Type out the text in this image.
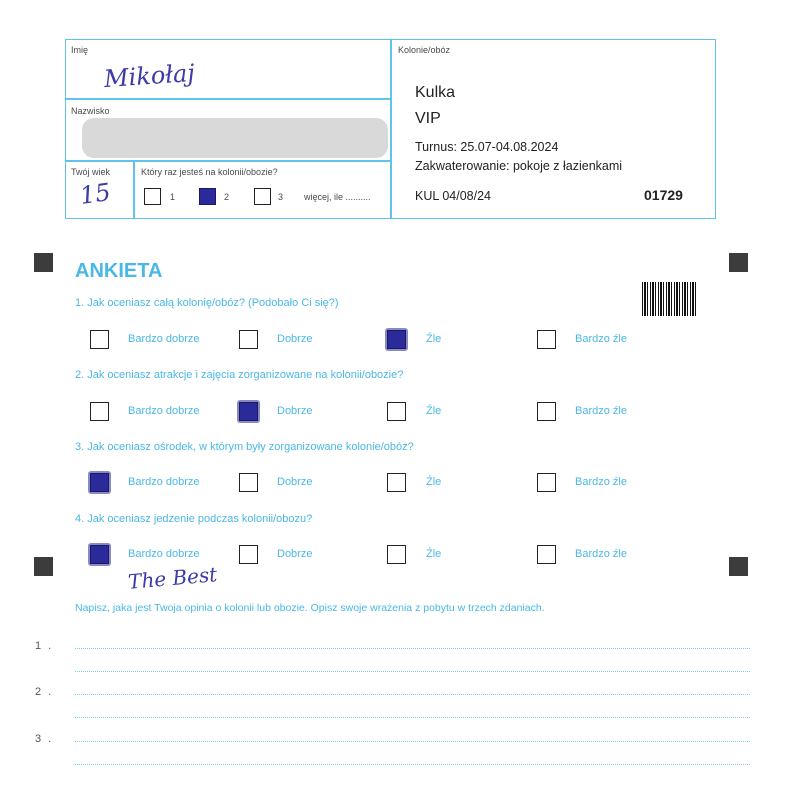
Imię
Mikołaj
Nazwisko
Twój wiek
15
Który raz jesteś na kolonii/obozie?
1	2	3 więcej, ile ..........
Kolonie/obóz
Kulka
VIP
Turnus: 25.07-04.08.2024
Zakwaterowanie: pokoje z łazienkami
KUL 04/08/24	01729
ANKIETA
1. Jak oceniasz całą kolonię/obóz? (Podobało Ci się?)
Bardzo dobrze	Dobrze	Źle	Bardzo źle
2. Jak oceniasz atrakcje i zajęcia zorganizowane na kolonii/obozie?
Bardzo dobrze	Dobrze	Źle	Bardzo źle
3. Jak oceniasz ośrodek, w którym były zorganizowane kolonie/obóz?
Bardzo dobrze	Dobrze	Źle	Bardzo źle
4. Jak oceniasz jedzenie podczas kolonii/obozu?
Bardzo dobrze	Dobrze	Źle	Bardzo źle
The Best
Napisz, jaka jest Twoja opinia o kolonii lub obozie. Opisz swoje wrażenia z pobytu w trzech zdaniach.
1 .
2 .
3 .
